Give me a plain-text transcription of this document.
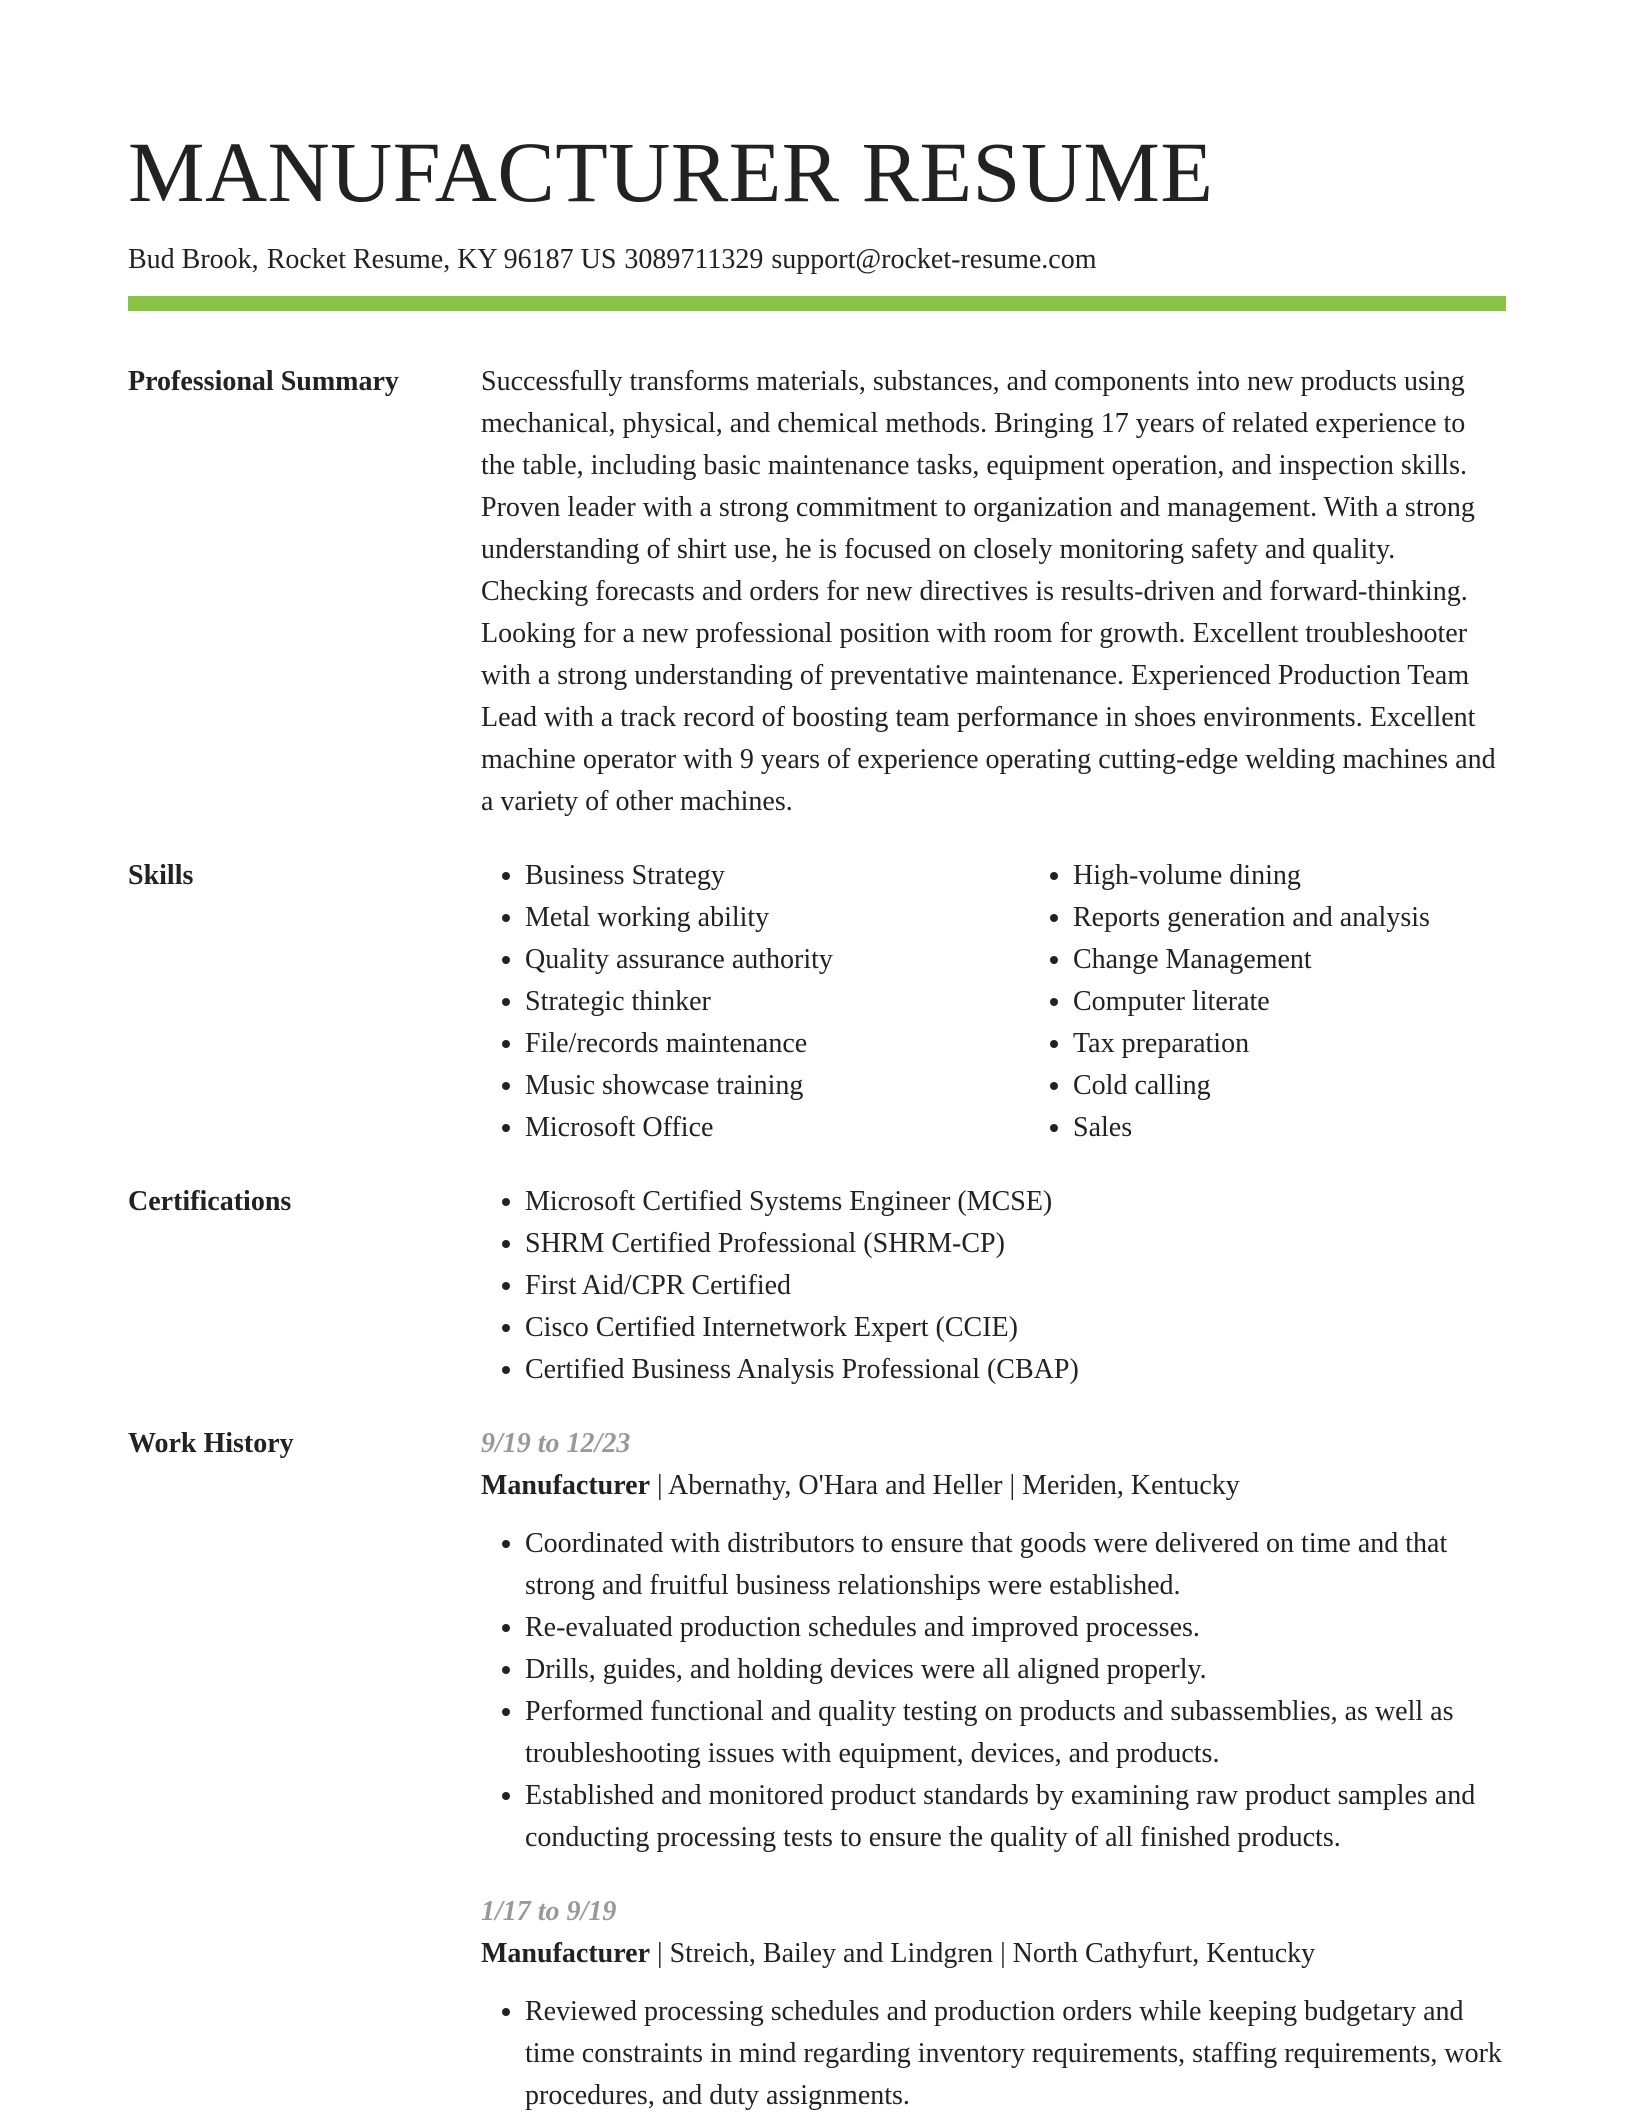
MANUFACTURER RESUME
Bud Brook, Rocket Resume, KY 96187 US 3089711329 support@rocket-resume.com
Professional Summary	Successfully transforms materials, substances, and components into new products using mechanical, physical, and chemical methods. Bringing 17 years of related experience to the table, including basic maintenance tasks, equipment operation, and inspection skills. Proven leader with a strong commitment to organization and management. With a strong understanding of shirt use, he is focused on closely monitoring safety and quality. Checking forecasts and orders for new directives is results-driven and forward-thinking. Looking for a new professional position with room for growth. Excellent troubleshooter with a strong understanding of preventative maintenance. Experienced Production Team Lead with a track record of boosting team performance in shoes environments. Excellent machine operator with 9 years of experience operating cutting-edge welding machines and a variety of other machines.
Skills	• Business Strategy
• Metal working ability
• Quality assurance authority
• Strategic thinker
• File/records maintenance
• Music showcase training
• Microsoft Office
• High-volume dining
• Reports generation and analysis
• Change Management
• Computer literate
• Tax preparation
• Cold calling
• Sales
Certifications	• Microsoft Certified Systems Engineer (MCSE)
• SHRM Certified Professional (SHRM-CP)
• First Aid/CPR Certified
• Cisco Certified Internetwork Expert (CCIE)
• Certified Business Analysis Professional (CBAP)
Work History	9/19 to 12/23
Manufacturer | Abernathy, O'Hara and Heller | Meriden, Kentucky
• Coordinated with distributors to ensure that goods were delivered on time and that strong and fruitful business relationships were established.
• Re-evaluated production schedules and improved processes.
• Drills, guides, and holding devices were all aligned properly.
• Performed functional and quality testing on products and subassemblies, as well as troubleshooting issues with equipment, devices, and products.
• Established and monitored product standards by examining raw product samples and conducting processing tests to ensure the quality of all finished products.
1/17 to 9/19
Manufacturer | Streich, Bailey and Lindgren | North Cathyfurt, Kentucky
• Reviewed processing schedules and production orders while keeping budgetary and time constraints in mind regarding inventory requirements, staffing requirements, work procedures, and duty assignments.
